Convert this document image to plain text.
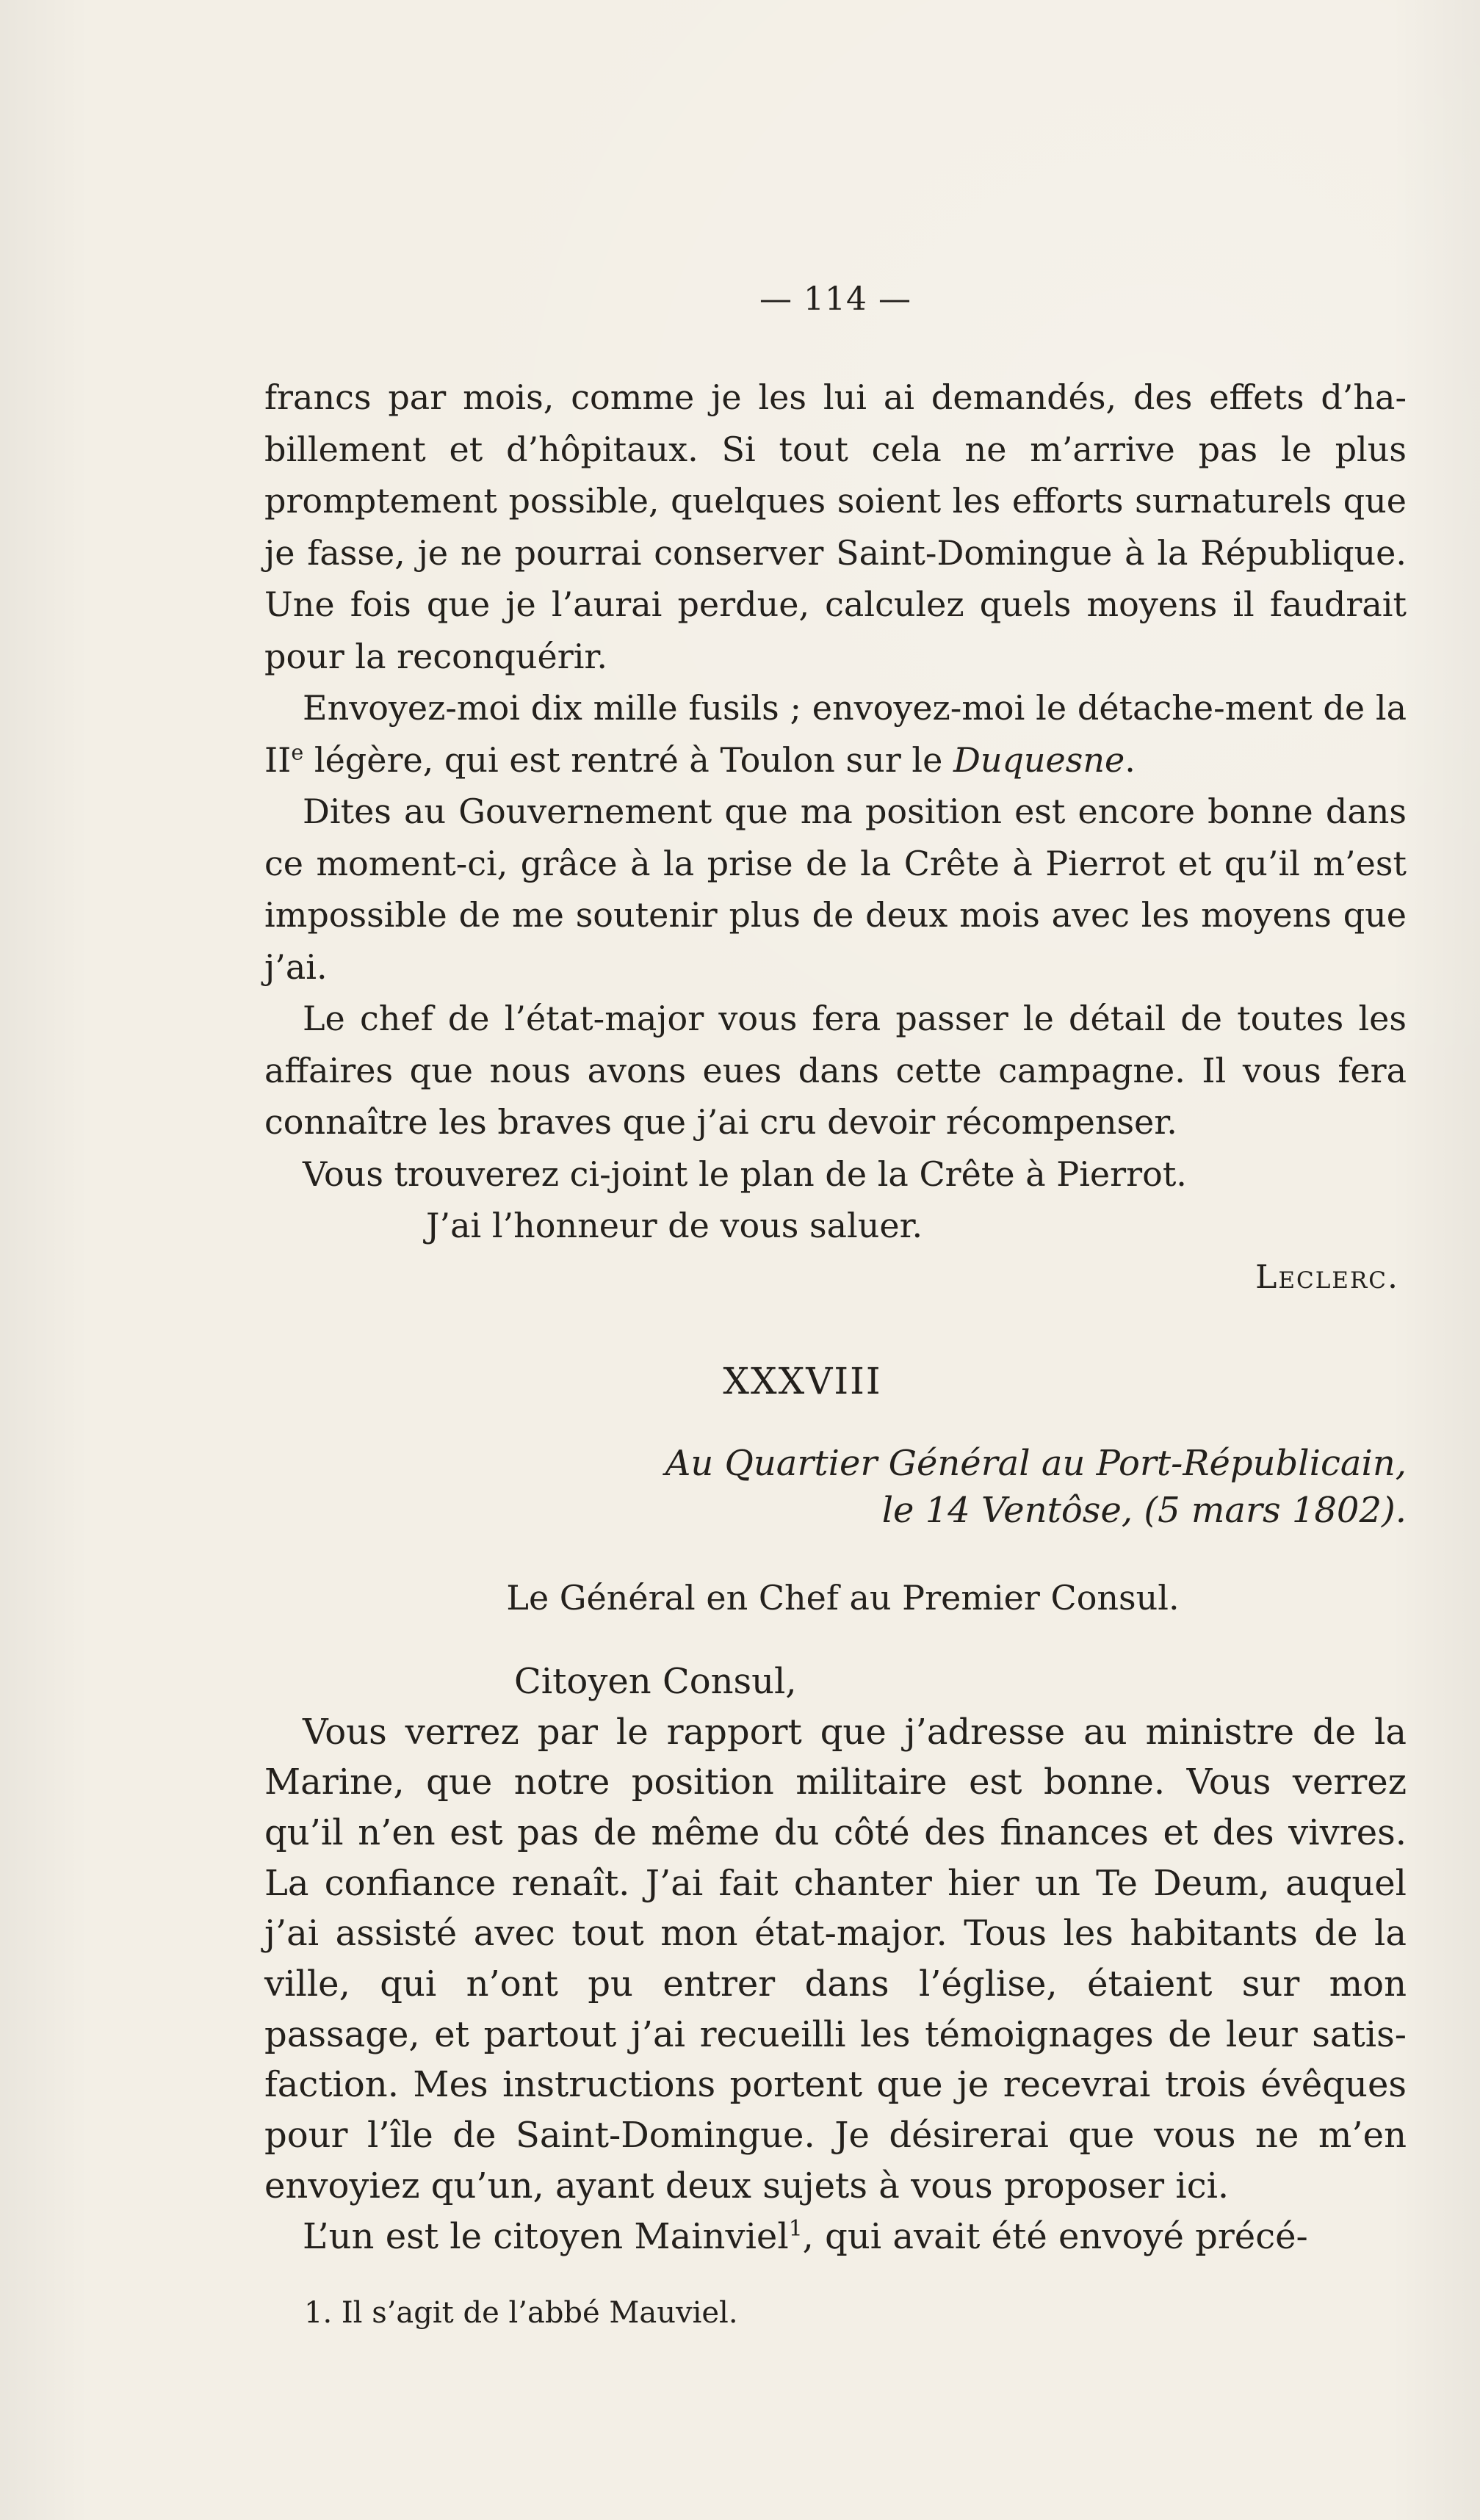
— 114 —

francs par mois, comme je les lui ai demandés, des effets d’ha-billement et d’hôpitaux. Si tout cela ne m’arrive pas le plus promptement possible, quelques soient les efforts surnaturels que je fasse, je ne pourrai conserver Saint-Domingue à la République. Une fois que je l’aurai perdue, calculez quels moyens il faudrait pour la reconquérir.

Envoyez-moi dix mille fusils ; envoyez-moi le détache-ment de la IIe légère, qui est rentré à Toulon sur le Duquesne.

Dites au Gouvernement que ma position est encore bonne dans ce moment-ci, grâce à la prise de la Crête à Pierrot et qu’il m’est impossible de me soutenir plus de deux mois avec les moyens que j’ai.

Le chef de l’état-major vous fera passer le détail de toutes les affaires que nous avons eues dans cette campagne. Il vous fera connaître les braves que j’ai cru devoir récompenser.

Vous trouverez ci-joint le plan de la Crête à Pierrot.

J’ai l’honneur de vous saluer.

Leclerc.

XXXVIII
Au Quartier Général au Port-Républicain,
le 14 Ventôse, (5 mars 1802).
Le Général en Chef au Premier Consul.

Citoyen Consul,

Vous verrez par le rapport que j’adresse au ministre de la Marine, que notre position militaire est bonne. Vous verrez qu’il n’en est pas de même du côté des finances et des vivres. La confiance renaît. J’ai fait chanter hier un Te Deum, auquel j’ai assisté avec tout mon état-major. Tous les habitants de la ville, qui n’ont pu entrer dans l’église, étaient sur mon passage, et partout j’ai recueilli les témoignages de leur satis-faction. Mes instructions portent que je recevrai trois évêques pour l’île de Saint-Domingue. Je désirerai que vous ne m’en envoyiez qu’un, ayant deux sujets à vous proposer ici.

L’un est le citoyen Mainviel$^1$, qui avait été envoyé précé-

1. Il s’agit de l’abbé Mauviel.
